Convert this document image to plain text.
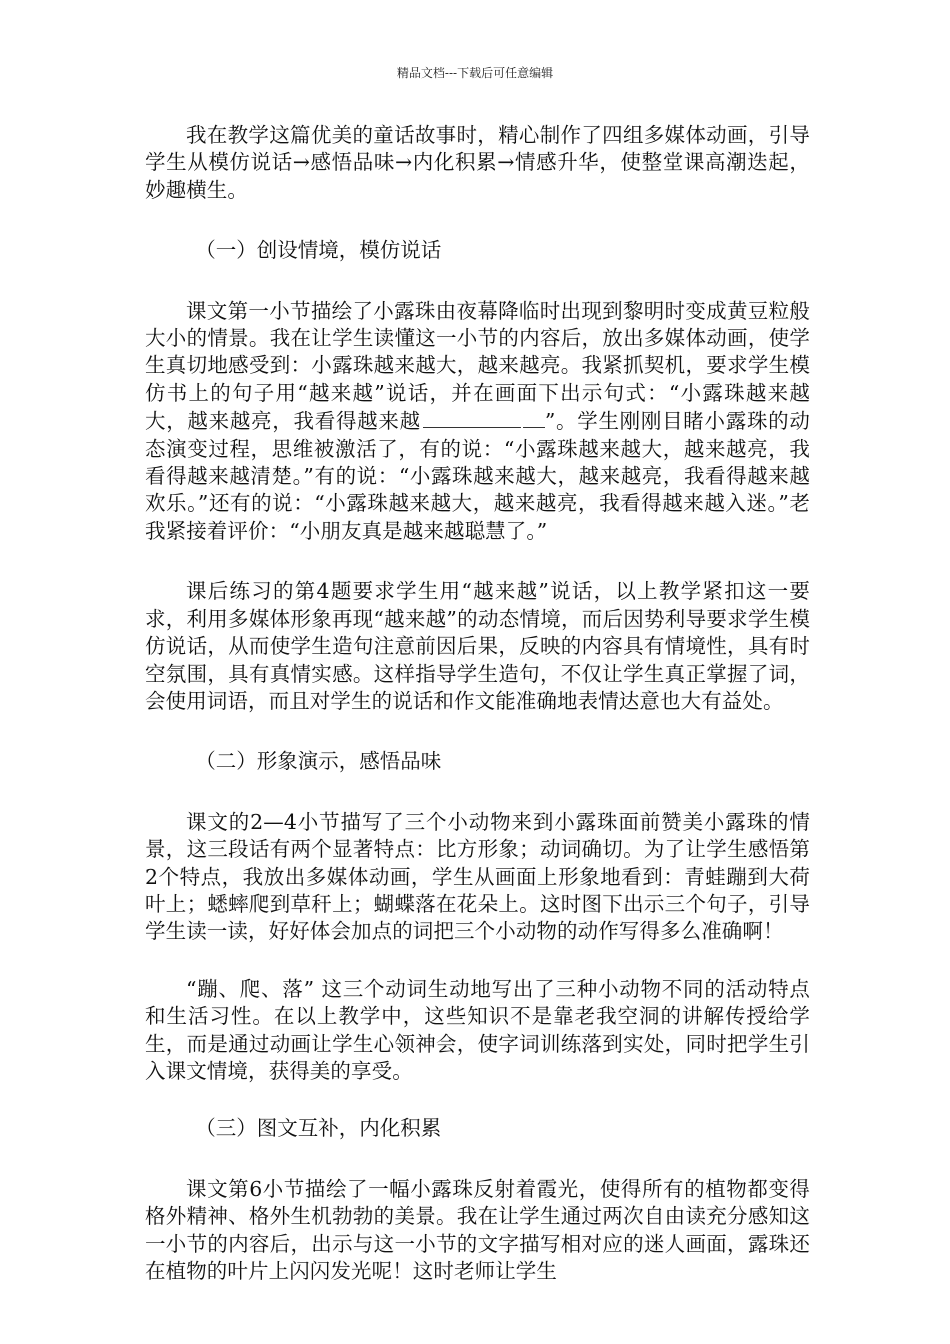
精品文档---下载后可任意编辑

我在教学这篇优美的童话故事时，精心制作了四组多媒体动画，引导学生从模仿说话→感悟品味→内化积累→情感升华，使整堂课高潮迭起，妙趣横生。

（一）创设情境，模仿说话

课文第一小节描绘了小露珠由夜幕降临时出现到黎明时变成黄豆粒般大小的情景。我在让学生读懂这一小节的内容后，放出多媒体动画，使学生真切地感受到：小露珠越来越大，越来越亮。我紧抓契机，要求学生模仿书上的句子用“越来越”说话，并在画面下出示句式：“小露珠越来越大，越来越亮，我看得越来越	”。学生刚刚目睹小露珠的动态演变过程，思维被激活了，有的说：“小露珠越来越大，越来越亮，我看得越来越清楚。”有的说：“小露珠越来越大，越来越亮，我看得越来越欢乐。”还有的说：“小露珠越来越大，越来越亮，我看得越来越入迷。”老我紧接着评价：“小朋友真是越来越聪慧了。”

课后练习的第4题要求学生用“越来越”说话，以上教学紧扣这一要求，利用多媒体形象再现“越来越”的动态情境，而后因势利导要求学生模仿说话，从而使学生造句注意前因后果，反映的内容具有情境性，具有时空氛围，具有真情实感。这样指导学生造句，不仅让学生真正掌握了词，会使用词语，而且对学生的说话和作文能准确地表情达意也大有益处。

（二）形象演示，感悟品味

课文的2—4小节描写了三个小动物来到小露珠面前赞美小露珠的情景，这三段话有两个显著特点：比方形象；动词确切。为了让学生感悟第2个特点，我放出多媒体动画，学生从画面上形象地看到：青蛙蹦到大荷叶上；蟋蟀爬到草秆上；蝴蝶落在花朵上。这时图下出示三个句子，引导学生读一读，好好体会加点的词把三个小动物的动作写得多么准确啊！

“蹦、爬、落” 这三个动词生动地写出了三种小动物不同的活动特点和生活习性。在以上教学中，这些知识不是靠老我空洞的讲解传授给学生，而是通过动画让学生心领神会，使字词训练落到实处，同时把学生引入课文情境，获得美的享受。

（三）图文互补，内化积累

课文第6小节描绘了一幅小露珠反射着霞光，使得所有的植物都变得格外精神、格外生机勃勃的美景。我在让学生通过两次自由读充分感知这一小节的内容后，出示与这一小节的文字描写相对应的迷人画面，露珠还在植物的叶片上闪闪发光呢！这时老师让学生
